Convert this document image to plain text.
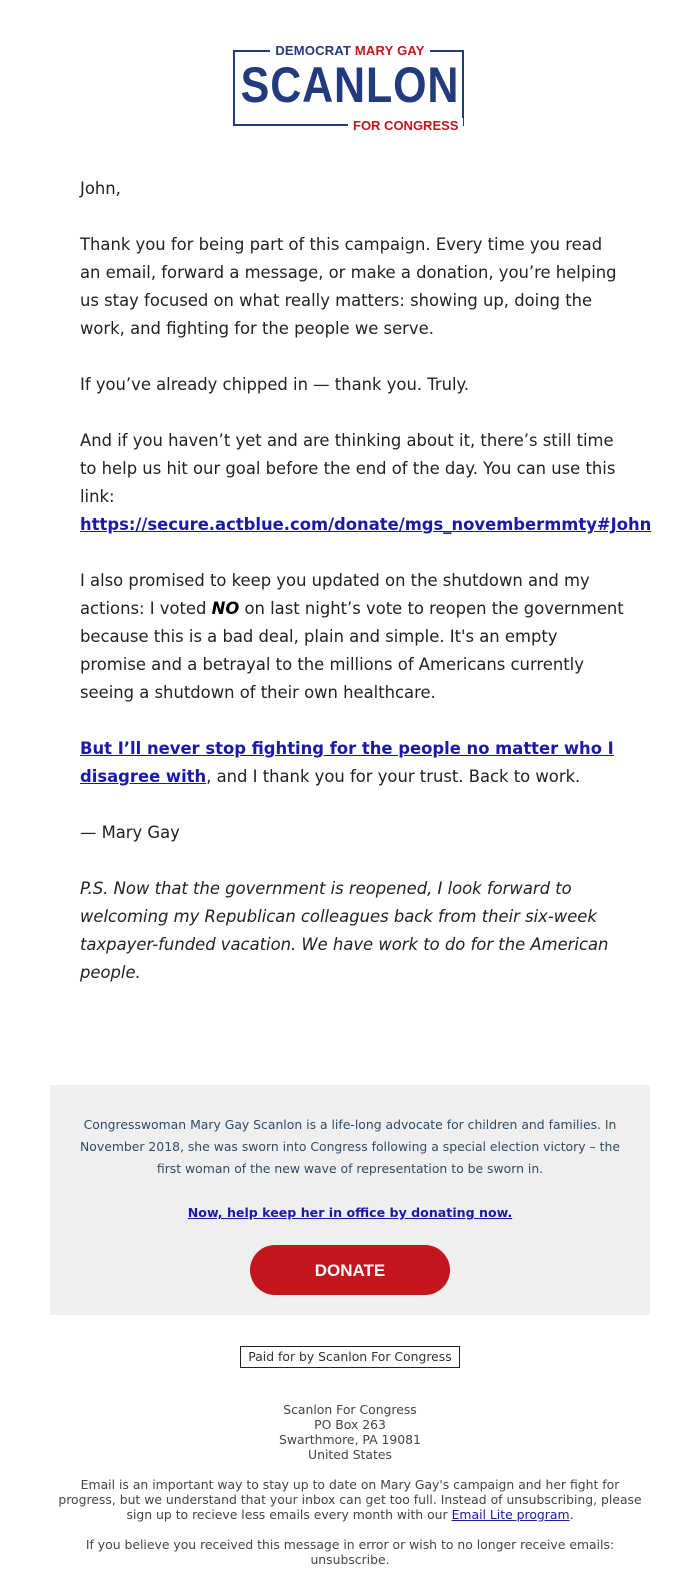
DEMOCRAT MARY GAY
SCANLON
FOR CONGRESS

John,

Thank you for being part of this campaign. Every time you read an email, forward a message, or make a donation, you’re helping us stay focused on what really matters: showing up, doing the work, and fighting for the people we serve.

If you’ve already chipped in — thank you. Truly.

And if you haven’t yet and are thinking about it, there’s still time to help us hit our goal before the end of the day. You can use this link: https://secure.actblue.com/donate/mgs_novembermmty#John

I also promised to keep you updated on the shutdown and my actions: I voted NO on last night’s vote to reopen the government because this is a bad deal, plain and simple. It's an empty promise and a betrayal to the millions of Americans currently seeing a shutdown of their own healthcare.

But I’ll never stop fighting for the people no matter who I disagree with, and I thank you for your trust. Back to work.

— Mary Gay

P.S. Now that the government is reopened, I look forward to welcoming my Republican colleagues back from their six-week taxpayer-funded vacation. We have work to do for the American people.

Congresswoman Mary Gay Scanlon is a life-long advocate for children and families. In November 2018, she was sworn into Congress following a special election victory – the first woman of the new wave of representation to be sworn in.
Now, help keep her in office by donating now.
DONATE
Paid for by Scanlon For Congress
Scanlon For Congress
PO Box 263
Swarthmore, PA 19081
United States
Email is an important way to stay up to date on Mary Gay's campaign and her fight for progress, but we understand that your inbox can get too full. Instead of unsubscribing, please sign up to recieve less emails every month with our Email Lite program.
If you believe you received this message in error or wish to no longer receive emails:
unsubscribe.
